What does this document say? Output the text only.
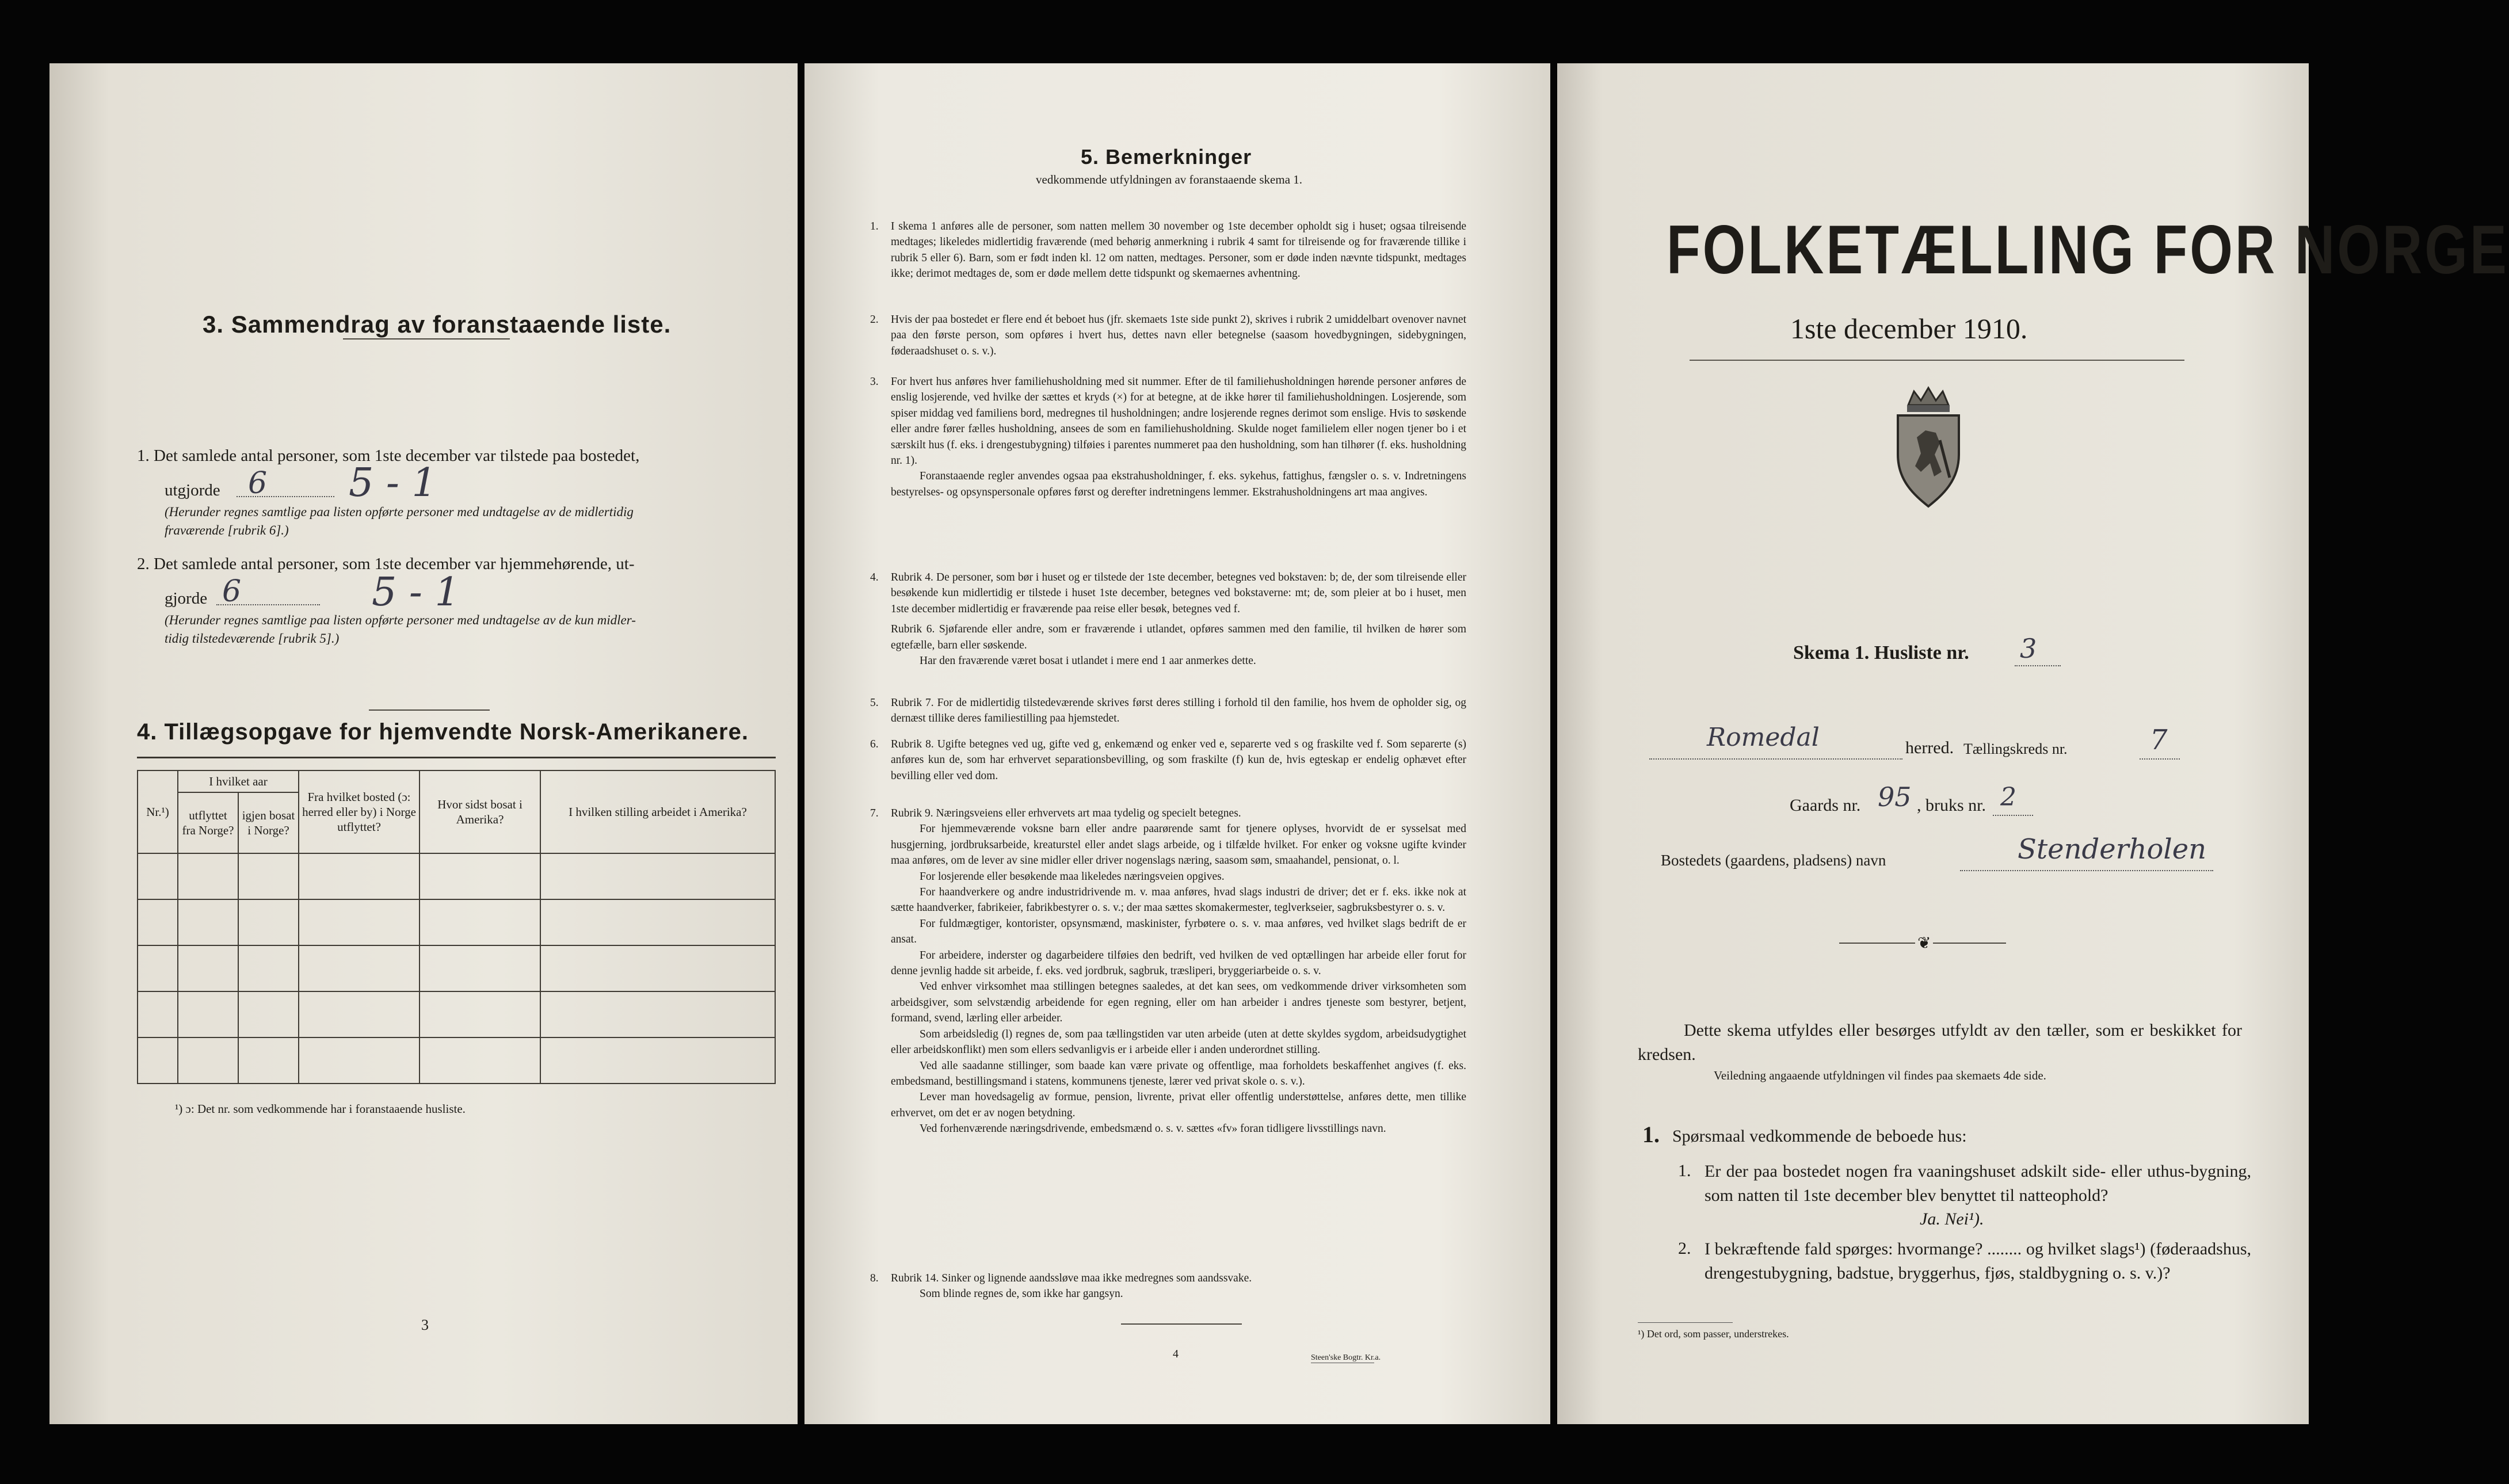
3. Sammendrag av foranstaaende liste.
1. Det samlede antal personer, som 1ste december var tilstede paa bostedet,
utgjorde 6 5 - 1
(Herunder regnes samtlige paa listen opførte personer med undtagelse av de midlertidig
fraværende [rubrik 6].)
2. Det samlede antal personer, som 1ste december var hjemmehørende, ut-
gjorde 6	5 - 1
(Herunder regnes samtlige paa listen opførte personer med undtagelse av de kun midler-
tidig tilstedeværende [rubrik 5].)
4. Tillægsopgave for hjemvendte Norsk-Amerikanere.
Nr.¹)	I hvilket aar		Fra hvilket bosted (ɔ: herred eller by) i Norge utflyttet?	Hvor sidst bosat i Amerika?	I hvilken stilling arbeidet i Amerika?
	utflyttet fra Norge?	igjen bosat i Norge?			

¹) ɔ: Det nr. som vedkommende har i foranstaaende husliste.
3
5. Bemerkninger
vedkommende utfyldningen av foranstaaende skema 1.
1. I skema 1 anføres alle de personer, som natten mellem 30 november og 1ste december opholdt sig i huset; ogsaa tilreisende medtages; likeledes midlertidig fraværende (med behørig anmerkning i rubrik 4 samt for tilreisende og for fraværende tillike i rubrik 5 eller 6). Barn, som er født inden kl. 12 om natten, medtages. Personer, som er døde inden nævnte tidspunkt, medtages ikke; derimot medtages de, som er døde mellem dette tidspunkt og skemaernes avhentning.

2. Hvis der paa bostedet er flere end ét beboet hus (jfr. skemaets 1ste side punkt 2), skrives i rubrik 2 umiddelbart ovenover navnet paa den første person, som opføres i hvert hus, dettes navn eller betegnelse (saasom hovedbygningen, sidebygningen, føderaadshuset o. s. v.).

3. For hvert hus anføres hver familiehusholdning med sit nummer. Efter de til familiehusholdningen hørende personer anføres de enslig losjerende, ved hvilke der sættes et kryds (×) for at betegne, at de ikke hører til familiehusholdningen. Losjerende, som spiser middag ved familiens bord, medregnes til husholdningen; andre losjerende regnes derimot som enslige. Hvis to søskende eller andre fører fælles husholdning, ansees de som en familiehusholdning. Skulde noget familielem eller nogen tjener bo i et særskilt hus (f. eks. i drengestubygning) tilføies i parentes nummeret paa den husholdning, som han tilhører (f. eks. husholdning nr. 1).

Foranstaaende regler anvendes ogsaa paa ekstrahusholdninger, f. eks. sykehus, fattighus, fængsler o. s. v. Indretningens bestyrelses- og opsynspersonale opføres først og derefter indretningens lemmer. Ekstrahusholdningens art maa angives.

4. Rubrik 4. De personer, som bør i huset og er tilstede der 1ste december, betegnes ved bokstaven: b; de, der som tilreisende eller besøkende kun midlertidig er tilstede i huset 1ste december, betegnes ved bokstaverne: mt; de, som pleier at bo i huset, men 1ste december midlertidig er fraværende paa reise eller besøk, betegnes ved f.

Rubrik 6. Sjøfarende eller andre, som er fraværende i utlandet, opføres sammen med den familie, til hvilken de hører som egtefælle, barn eller søskende.

Har den fraværende været bosat i utlandet i mere end 1 aar anmerkes dette.

5. Rubrik 7. For de midlertidig tilstedeværende skrives først deres stilling i forhold til den familie, hos hvem de opholder sig, og dernæst tillike deres familiestilling paa hjemstedet.

6. Rubrik 8. Ugifte betegnes ved ug, gifte ved g, enkemænd og enker ved e, separerte ved s og fraskilte ved f. Som separerte (s) anføres kun de, som har erhvervet separationsbevilling, og som fraskilte (f) kun de, hvis egteskap er endelig ophævet efter bevilling eller ved dom.

7. Rubrik 9. Næringsveiens eller erhvervets art maa tydelig og specielt betegnes.

For hjemmeværende voksne barn eller andre paarørende samt for tjenere oplyses, hvorvidt de er sysselsat med husgjerning, jordbruksarbeide, kreaturstel eller andet slags arbeide, og i tilfælde hvilket. For enker og voksne ugifte kvinder maa anføres, om de lever av sine midler eller driver nogenslags næring, saasom søm, smaahandel, pensionat, o. l.

For losjerende eller besøkende maa likeledes næringsveien opgives.

For haandverkere og andre industridrivende m. v. maa anføres, hvad slags industri de driver; det er f. eks. ikke nok at sætte haandverker, fabrikeier, fabrikbestyrer o. s. v.; der maa sættes skomakermester, teglverkseier, sagbruksbestyrer o. s. v.

For fuldmægtiger, kontorister, opsynsmænd, maskinister, fyrbøtere o. s. v. maa anføres, ved hvilket slags bedrift de er ansat.

For arbeidere, inderster og dagarbeidere tilføies den bedrift, ved hvilken de ved optællingen har arbeide eller forut for denne jevnlig hadde sit arbeide, f. eks. ved jordbruk, sagbruk, træsliperi, bryggeriarbeide o. s. v.

Ved enhver virksomhet maa stillingen betegnes saaledes, at det kan sees, om vedkommende driver virksomheten som arbeidsgiver, som selvstændig arbeidende for egen regning, eller om han arbeider i andres tjeneste som bestyrer, betjent, formand, svend, lærling eller arbeider.

Som arbeidsledig (l) regnes de, som paa tællingstiden var uten arbeide (uten at dette skyldes sygdom, arbeidsudygtighet eller arbeidskonflikt) men som ellers sedvanligvis er i arbeide eller i anden underordnet stilling.

Ved alle saadanne stillinger, som baade kan være private og offentlige, maa forholdets beskaffenhet angives (f. eks. embedsmand, bestillingsmand i statens, kommunens tjeneste, lærer ved privat skole o. s. v.).

Lever man hovedsagelig av formue, pension, livrente, privat eller offentlig understøttelse, anføres dette, men tillike erhvervet, om det er av nogen betydning.

Ved forhenværende næringsdrivende, embedsmænd o. s. v. sættes «fv» foran tidligere livsstillings navn.

8. Rubrik 14. Sinker og lignende aandssløve maa ikke medregnes som aandssvake.

Som blinde regnes de, som ikke har gangsyn.

4	Steen'ske Bogtr. Kr.a.
FOLKETÆLLING FOR NORGE
1ste december 1910.
Skema 1. Husliste nr. 3
Romedal	herred. Tællingskreds nr.	7
Gaards nr. 95 , bruks nr. 2
Bostedets (gaardens, pladsens) navn	Stenderholen
❦
Dette skema utfyldes eller besørges utfyldt av den tæller, som er beskikket for kredsen.
Veiledning angaaende utfyldningen vil findes paa skemaets 4de side.
1. Spørsmaal vedkommende de beboede hus:
1. Er der paa bostedet nogen fra vaaningshuset adskilt side- eller uthus-bygning, som natten til 1ste december blev benyttet til natteophold?
Ja. Nei¹).
2. I bekræftende fald spørges: hvormange? ........ og hvilket slags¹) (føderaadshus, drengestubygning, badstue, bryggerhus, fjøs, staldbygning o. s. v.)?
¹) Det ord, som passer, understrekes.
